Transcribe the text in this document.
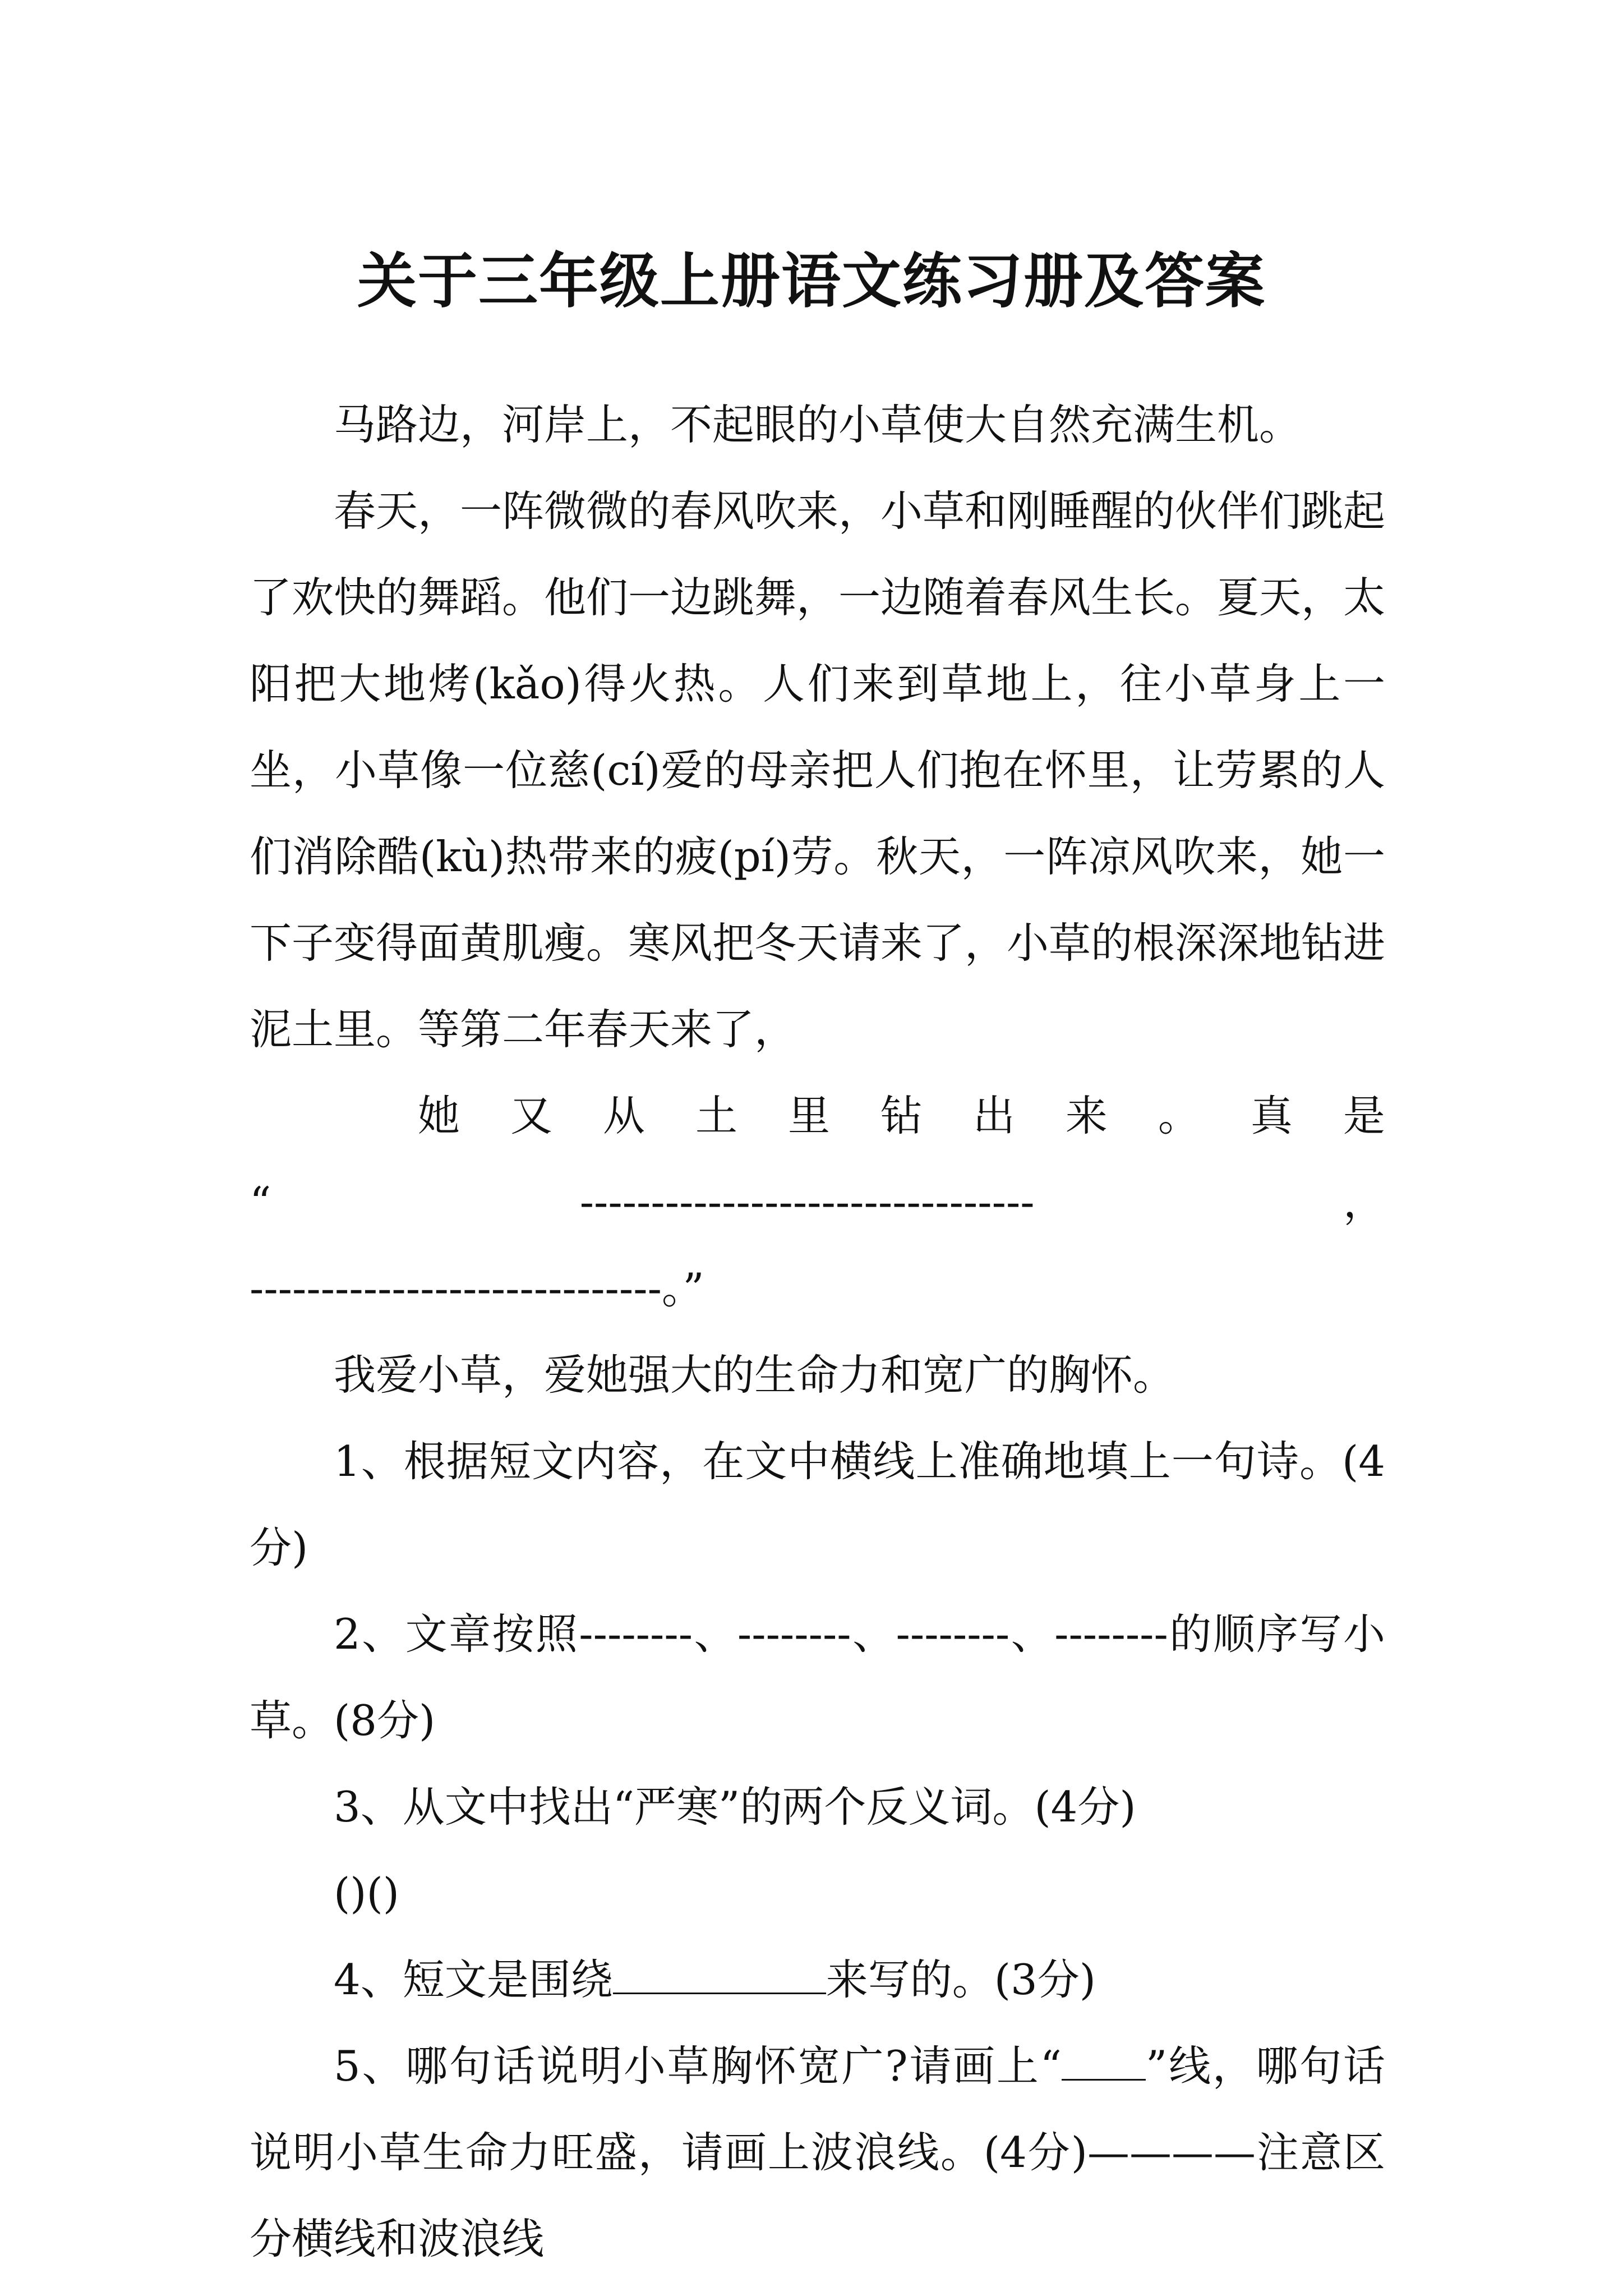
关于三年级上册语文练习册及答案

马路边，河岸上，不起眼的小草使大自然充满生机。

春天，一阵微微的春风吹来，小草和刚睡醒的伙伴们跳起了欢快的舞蹈。他们一边跳舞，一边随着春风生长。夏天，太阳把大地烤(kǎo)得火热。人们来到草地上，往小草身上一坐，小草像一位慈(cí)爱的母亲把人们抱在怀里，让劳累的人们消除酷(kù)热带来的疲(pí)劳。秋天，一阵凉风吹来，她一下子变得面黄肌瘦。寒风把冬天请来了，小草的根深深地钻进泥土里。等第二年春天来了，

她 又 从 土 里 钻 出 来 。 真 是

“	--------------------------------	，

-----------------------------。”

我爱小草，爱她强大的生命力和宽广的胸怀。

1、根据短文内容，在文中横线上准确地填上一句诗。(4分)

2、文章按照--------、--------、--------、--------的顺序写小草。(8分)

3、从文中找出“严寒”的两个反义词。(4分)

()()

4、短文是围绕	来写的。(3分)

5、哪句话说明小草胸怀宽广?请画上“ ”线，哪句话说明小草生命力旺盛，请画上波浪线。(4分)————注意区分横线和波浪线
